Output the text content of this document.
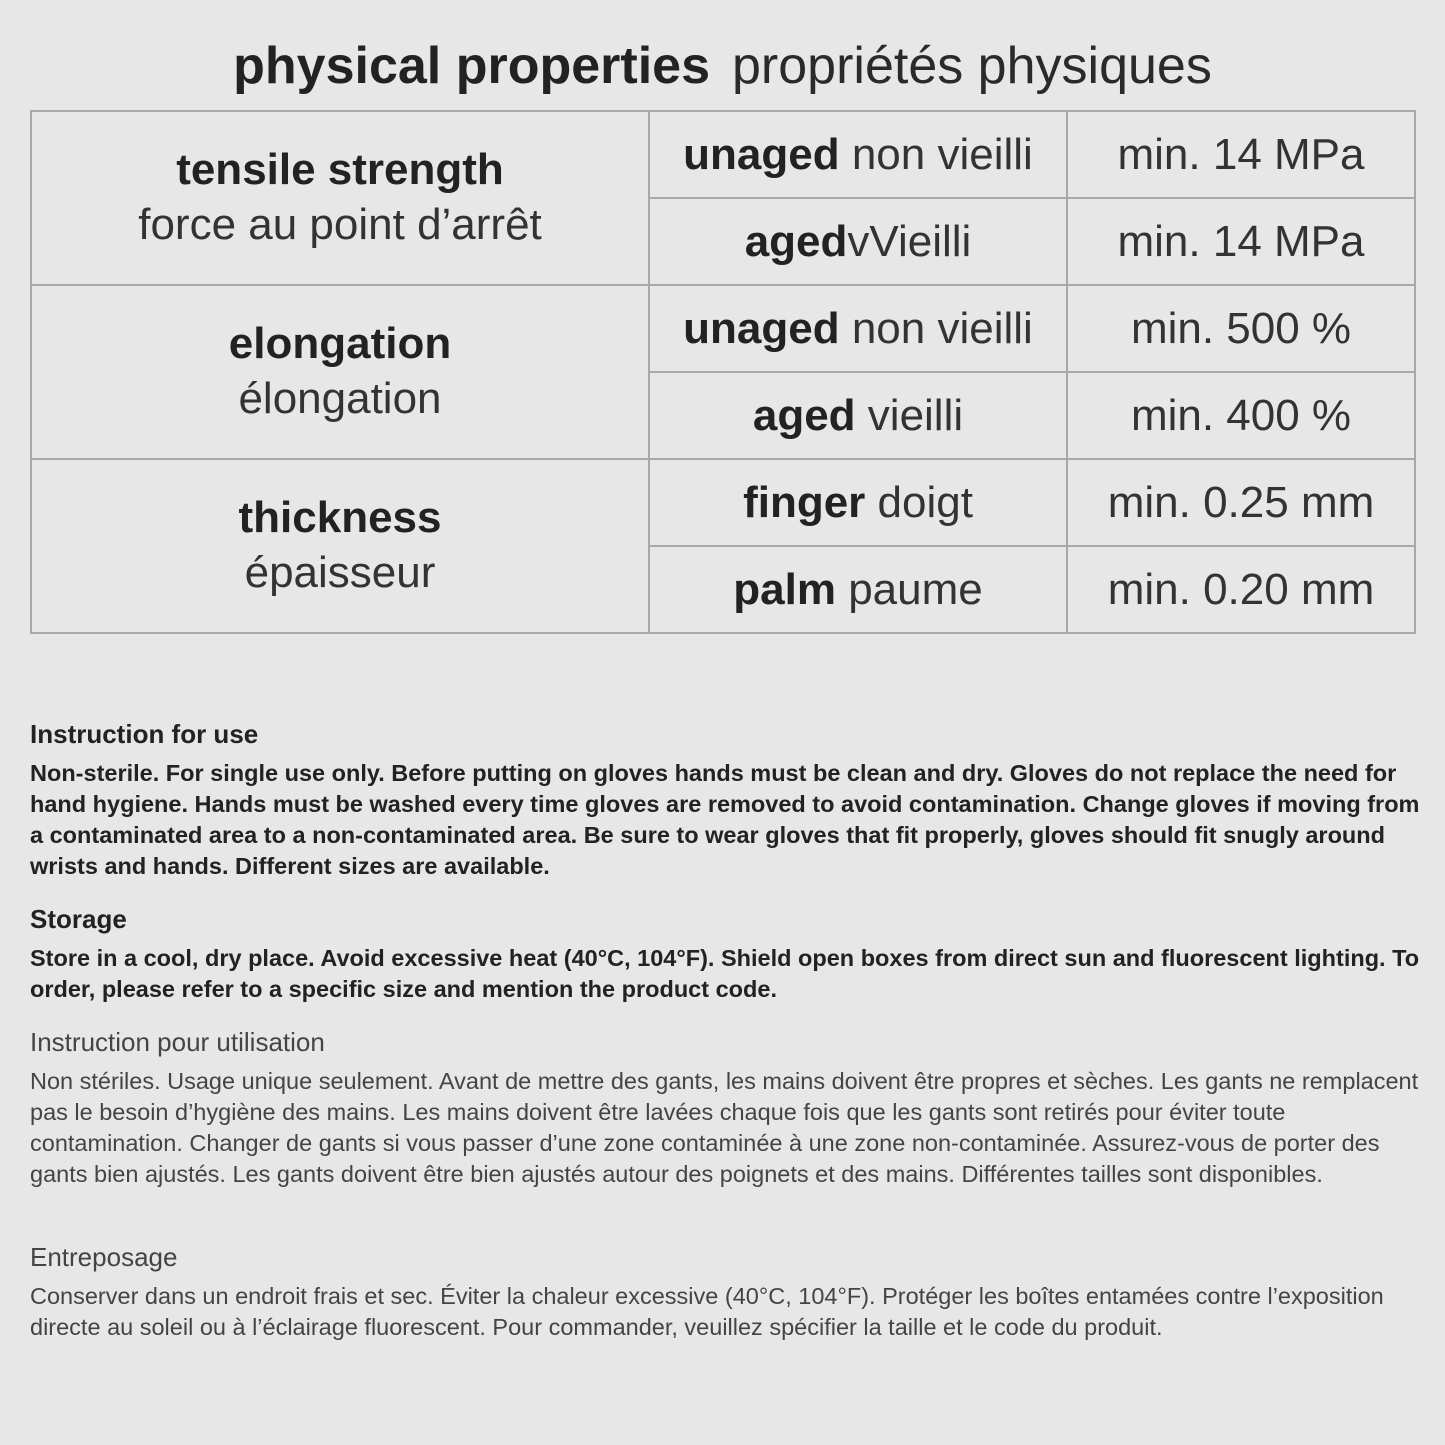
physical properties propriétés physiques
tensile strength
force au point d’arrêt	unaged non vieilli	min. 14 MPa
	agedvVieilli	min. 14 MPa

elongation
élongation	unaged non vieilli	min. 500 %
	aged vieilli	min. 400 %

thickness
épaisseur	finger doigt	min. 0.25 mm
	palm paume	min. 0.20 mm
Instruction for use

Non-sterile. For single use only. Before putting on gloves hands must be clean and dry. Gloves do not replace the need for hand hygiene. Hands must be washed every time gloves are removed to avoid contamination. Change gloves if moving from a contaminated area to a non-contaminated area. Be sure to wear gloves that fit properly, gloves should fit snugly around wrists and hands. Different sizes are available.

Storage

Store in a cool, dry place. Avoid excessive heat (40°C, 104°F). Shield open boxes from direct sun and fluorescent lighting. To order, please refer to a specific size and mention the product code.

Instruction pour utilisation

Non stériles. Usage unique seulement. Avant de mettre des gants, les mains doivent être propres et sèches. Les gants ne remplacent pas le besoin d’hygiène des mains. Les mains doivent être lavées chaque fois que les gants sont retirés pour éviter toute contamination. Changer de gants si vous passer d’une zone contaminée à une zone non-contaminée. Assurez-vous de porter des gants bien ajustés. Les gants doivent être bien ajustés autour des poignets et des mains. Différentes tailles sont disponibles.

Entreposage

Conserver dans un endroit frais et sec. Éviter la chaleur excessive (40°C, 104°F). Protéger les boîtes entamées contre l’exposition directe au soleil ou à l’éclairage fluorescent. Pour commander, veuillez spécifier la taille et le code du produit.
